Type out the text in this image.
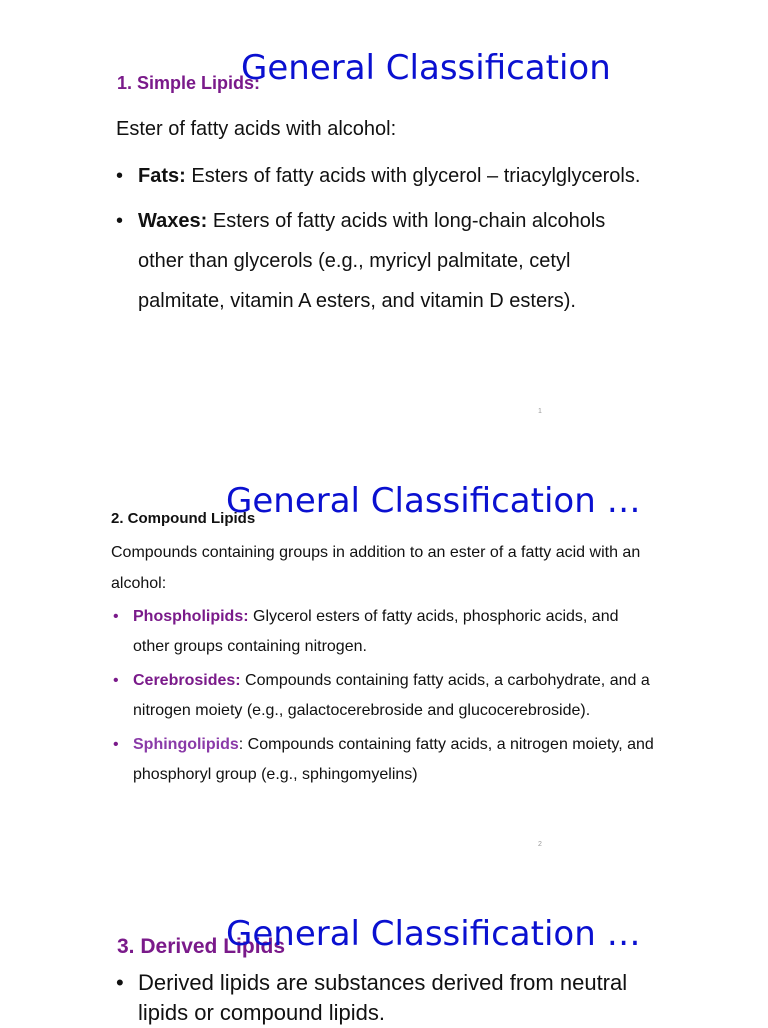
1. Simple Lipids:
General Classification
Ester of fatty acids with alcohol:
• Fats: Esters of fatty acids with glycerol – triacylglycerols.
• Waxes: Esters of fatty acids with long-chain alcohols other than glycerols (e.g., myricyl palmitate, cetyl palmitate, vitamin A esters, and vitamin D esters).
1
General Classification …
2. Compound Lipids
Compounds containing groups in addition to an ester of a fatty acid with an alcohol:
• Phospholipids: Glycerol esters of fatty acids, phosphoric acids, and other groups containing nitrogen.
• Cerebrosides: Compounds containing fatty acids, a carbohydrate, and a nitrogen moiety (e.g., galactocerebroside and glucocerebroside).
• Sphingolipids: Compounds containing fatty acids, a nitrogen moiety, and phosphoryl group (e.g., sphingomyelins)
2
3. Derived Lipids
General Classification …
• Derived lipids are substances derived from neutral lipids or compound lipids.
